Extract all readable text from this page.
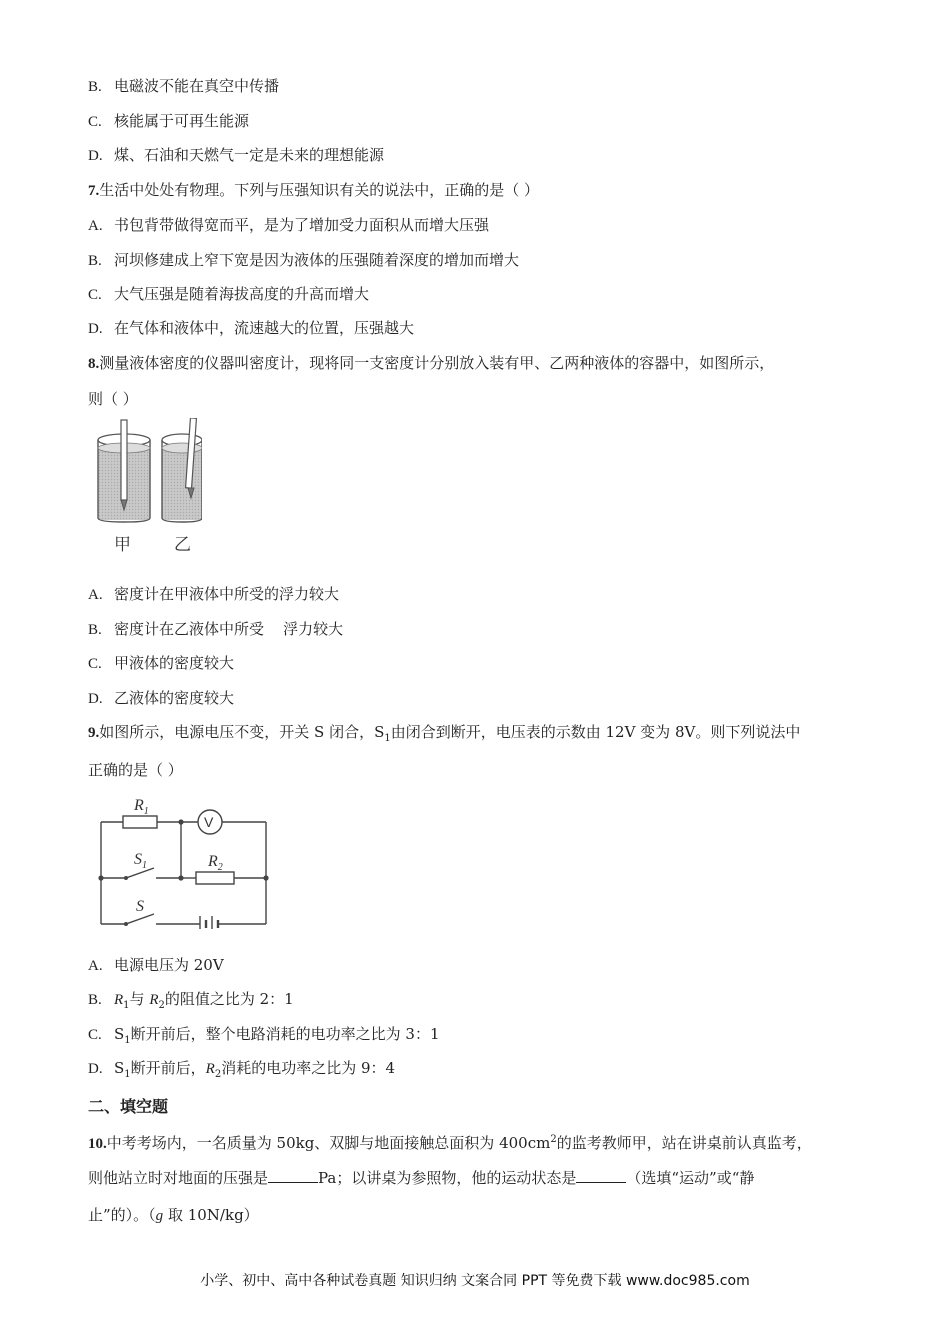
B. 电磁波不能在真空中传播
C. 核能属于可再生能源
D. 煤、石油和天燃气一定是未来的理想能源
7.生活中处处有物理。下列与压强知识有关的说法中，正确的是（ ）
A. 书包背带做得宽而平，是为了增加受力面积从而增大压强
B. 河坝修建成上窄下宽是因为液体的压强随着深度的增加而增大
C. 大气压强是随着海拔高度的升高而增大
D. 在气体和液体中，流速越大的位置，压强越大
8.测量液体密度的仪器叫密度计，现将同一支密度计分别放入装有甲、乙两种液体的容器中，如图所示，
则（ ）
甲	乙
A. 密度计在甲液体中所受的浮力较大
B. 密度计在乙液体中所受    浮力较大
C. 甲液体的密度较大
D. 乙液体的密度较大
9.如图所示，电源电压不变，开关 S 闭合，$S_1$由闭合到断开，电压表的示数由 12V 变为 8V。则下列说法中
正确的是（ ）
$R_1$
$R_2$
$S_1$
S
V
A. 电源电压为 20V
B. $R_1$与 $R_2$的阻值之比为 2：1
C. $S_1$断开前后，整个电路消耗的电功率之比为 3：1
D. $S_1$断开前后，$R_2$消耗的电功率之比为 9：4
二、填空题
10.中考考场内，一名质量为 50kg、双脚与地面接触总面积为 $400cm^2$的监考教师甲，站在讲桌前认真监考，
则他站立时对地面的压强是	Pa；以讲桌为参照物，他的运动状态是	（选填“运动”或“静
止”的）。（g 取 10N/kg）
小学、初中、高中各种试卷真题 知识归纳 文案合同 PPT 等免费下载 www.doc985.com
